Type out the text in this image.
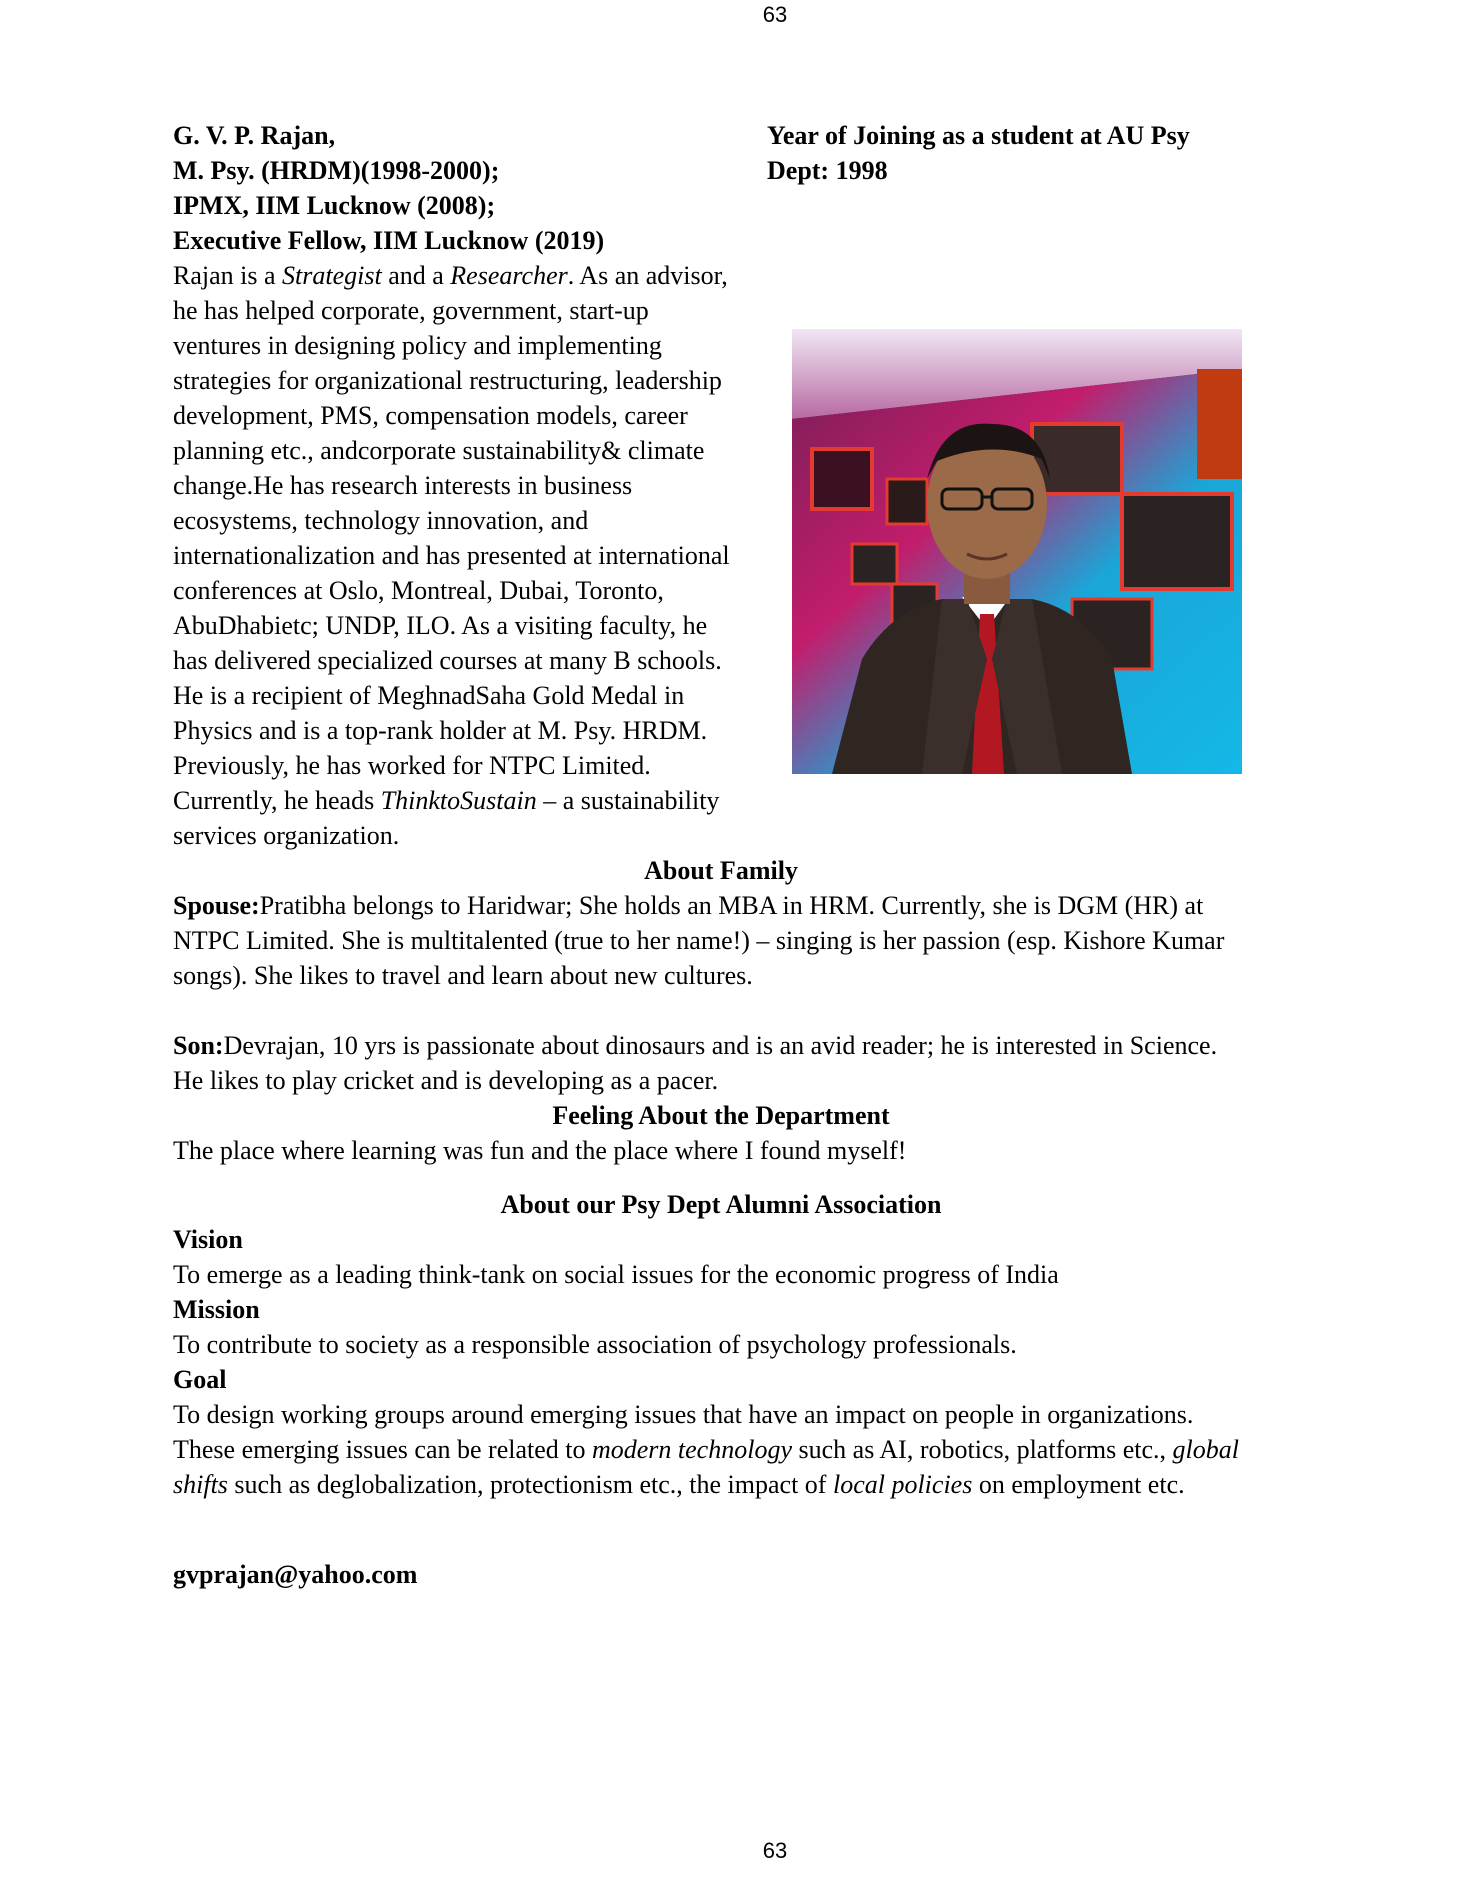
63
G. V. P. Rajan,
M. Psy. (HRDM)(1998-2000);
IPMX, IIM Lucknow (2008);
Executive Fellow, IIM Lucknow (2019)
Year of Joining as a student at AU Psy
Dept: 1998
Rajan is a Strategist and a Researcher. As an advisor,
he has helped corporate, government, start-up
ventures in designing policy and implementing
strategies for organizational restructuring, leadership
development, PMS, compensation models, career
planning etc., andcorporate sustainability& climate
change.He has research interests in business
ecosystems, technology innovation, and
internationalization and has presented at international
conferences at Oslo, Montreal, Dubai, Toronto,
AbuDhabietc; UNDP, ILO. As a visiting faculty, he
has delivered specialized courses at many B schools.
He is a recipient of MeghnadSaha Gold Medal in
Physics and is a top-rank holder at M. Psy. HRDM.
Previously, he has worked for NTPC Limited.
Currently, he heads ThinktoSustain – a sustainability
services organization.
About Family
Spouse:Pratibha belongs to Haridwar; She holds an MBA in HRM. Currently, she is DGM (HR) at
NTPC Limited. She is multitalented (true to her name!) – singing is her passion (esp. Kishore Kumar
songs). She likes to travel and learn about new cultures.
Son:Devrajan, 10 yrs is passionate about dinosaurs and is an avid reader; he is interested in Science.
He likes to play cricket and is developing as a pacer.
Feeling About the Department
The place where learning was fun and the place where I found myself!
About our Psy Dept Alumni Association
Vision
To emerge as a leading think-tank on social issues for the economic progress of India
Mission
To contribute to society as a responsible association of psychology professionals.
Goal
To design working groups around emerging issues that have an impact on people in organizations.
These emerging issues can be related to modern technology such as AI, robotics, platforms etc., global
shifts such as deglobalization, protectionism etc., the impact of local policies on employment etc.
gvprajan@yahoo.com
63
